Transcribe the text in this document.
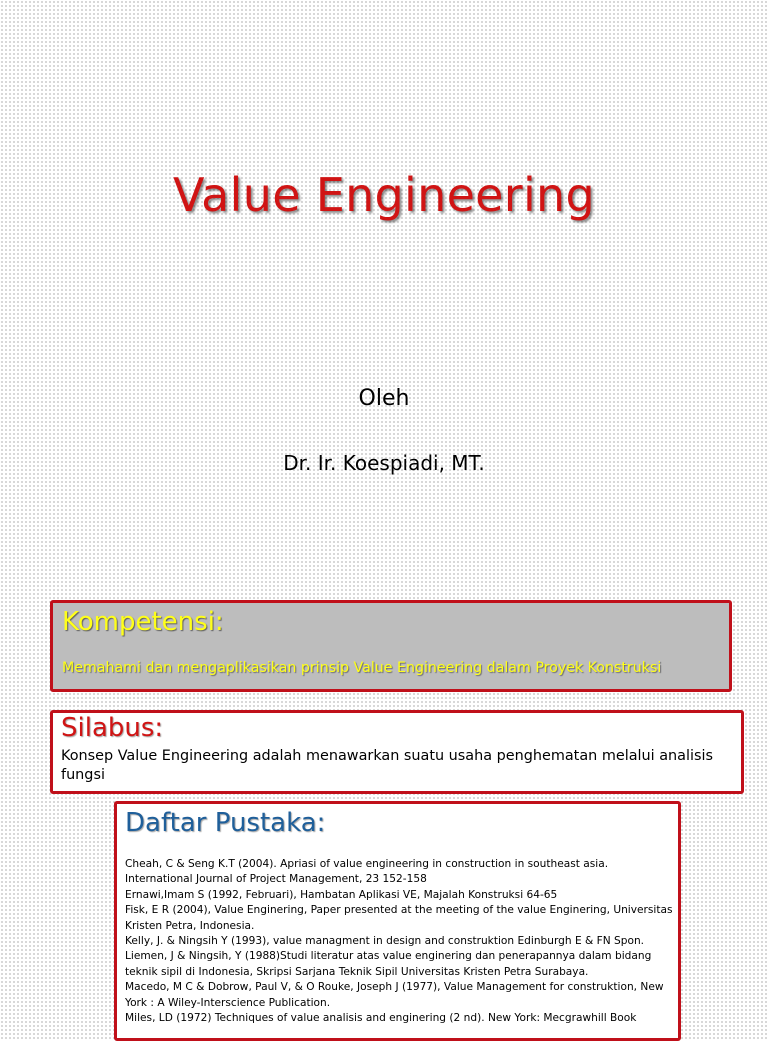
Value Engineering
Oleh
Dr. Ir. Koespiadi, MT.
Kompetensi:
Memahami dan mengaplikasikan prinsip Value Engineering dalam Proyek Konstruksi
Silabus:
Konsep Value Engineering adalah menawarkan suatu usaha penghematan melalui analisis fungsi
Daftar Pustaka:
Cheah, C & Seng K.T (2004). Apriasi of value engineering in construction in southeast asia. International Journal of Project Management, 23 152-158
Ernawi,Imam S (1992, Februari), Hambatan Aplikasi VE, Majalah Konstruksi 64-65
Fisk, E R (2004), Value Enginering, Paper presented at the meeting of the value Enginering, Universitas Kristen Petra, Indonesia.
Kelly, J. & Ningsih Y (1993), value managment in design and construktion Edinburgh E & FN Spon.
Liemen, J & Ningsih, Y (1988)Studi literatur atas value enginering dan penerapannya dalam bidang teknik sipil di Indonesia, Skripsi Sarjana Teknik Sipil Universitas Kristen Petra Surabaya.
Macedo, M C & Dobrow, Paul V, & O Rouke, Joseph J (1977), Value Management for construktion, New York : A Wiley-Interscience Publication.
Miles, LD (1972) Techniques of value analisis and enginering (2 nd). New York: Mecgrawhill Book
